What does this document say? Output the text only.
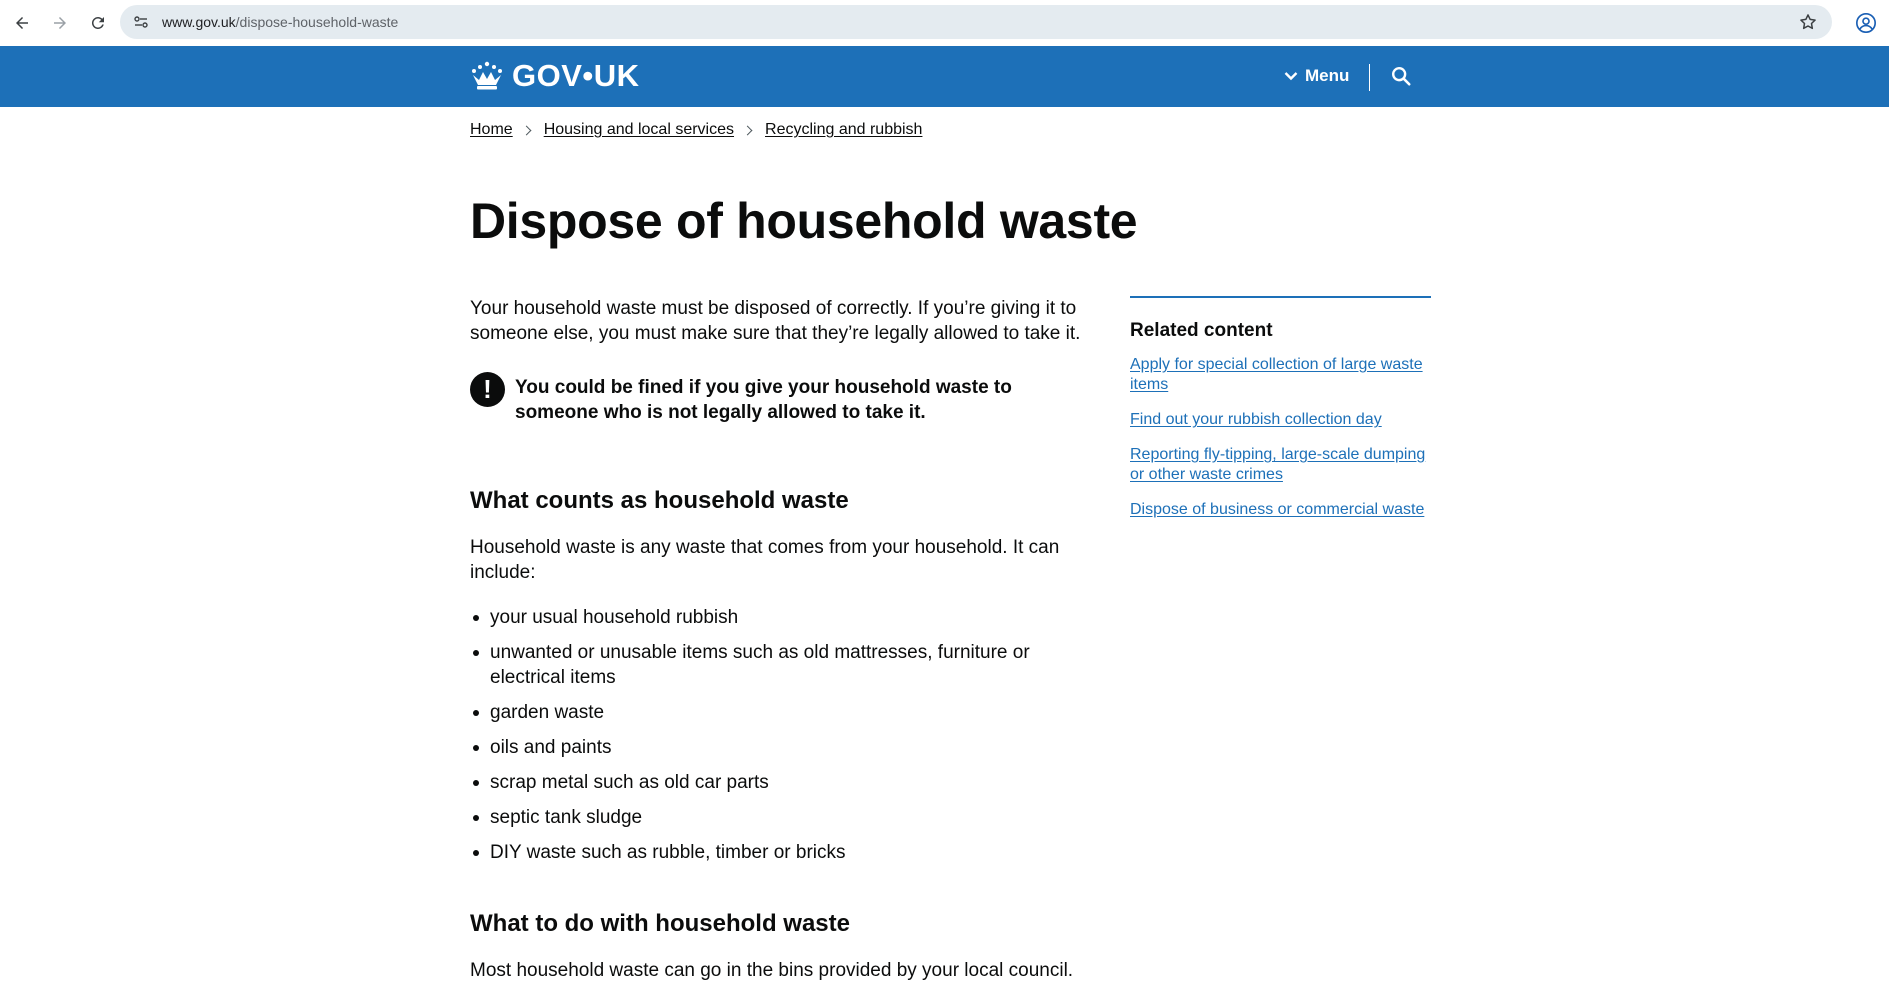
www.gov.uk/dispose-household-waste
GOV•UK	Menu
Home Housing and local services Recycling and rubbish
Dispose of household waste

Your household waste must be disposed of correctly. If you’re giving it to someone else, you must make sure that they’re legally allowed to take it.

!	You could be fined if you give your household waste to someone who is not legally allowed to take it.
What counts as household waste

Household waste is any waste that comes from your household. It can include:

your usual household rubbish
unwanted or unusable items such as old mattresses, furniture or electrical items
garden waste
oils and paints
scrap metal such as old car parts
septic tank sludge
DIY waste such as rubble, timber or bricks
What to do with household waste

Most household waste can go in the bins provided by your local council.

Related content
Apply for special collection of large waste items
Find out your rubbish collection day
Reporting fly-tipping, large-scale dumping or other waste crimes
Dispose of business or commercial waste
